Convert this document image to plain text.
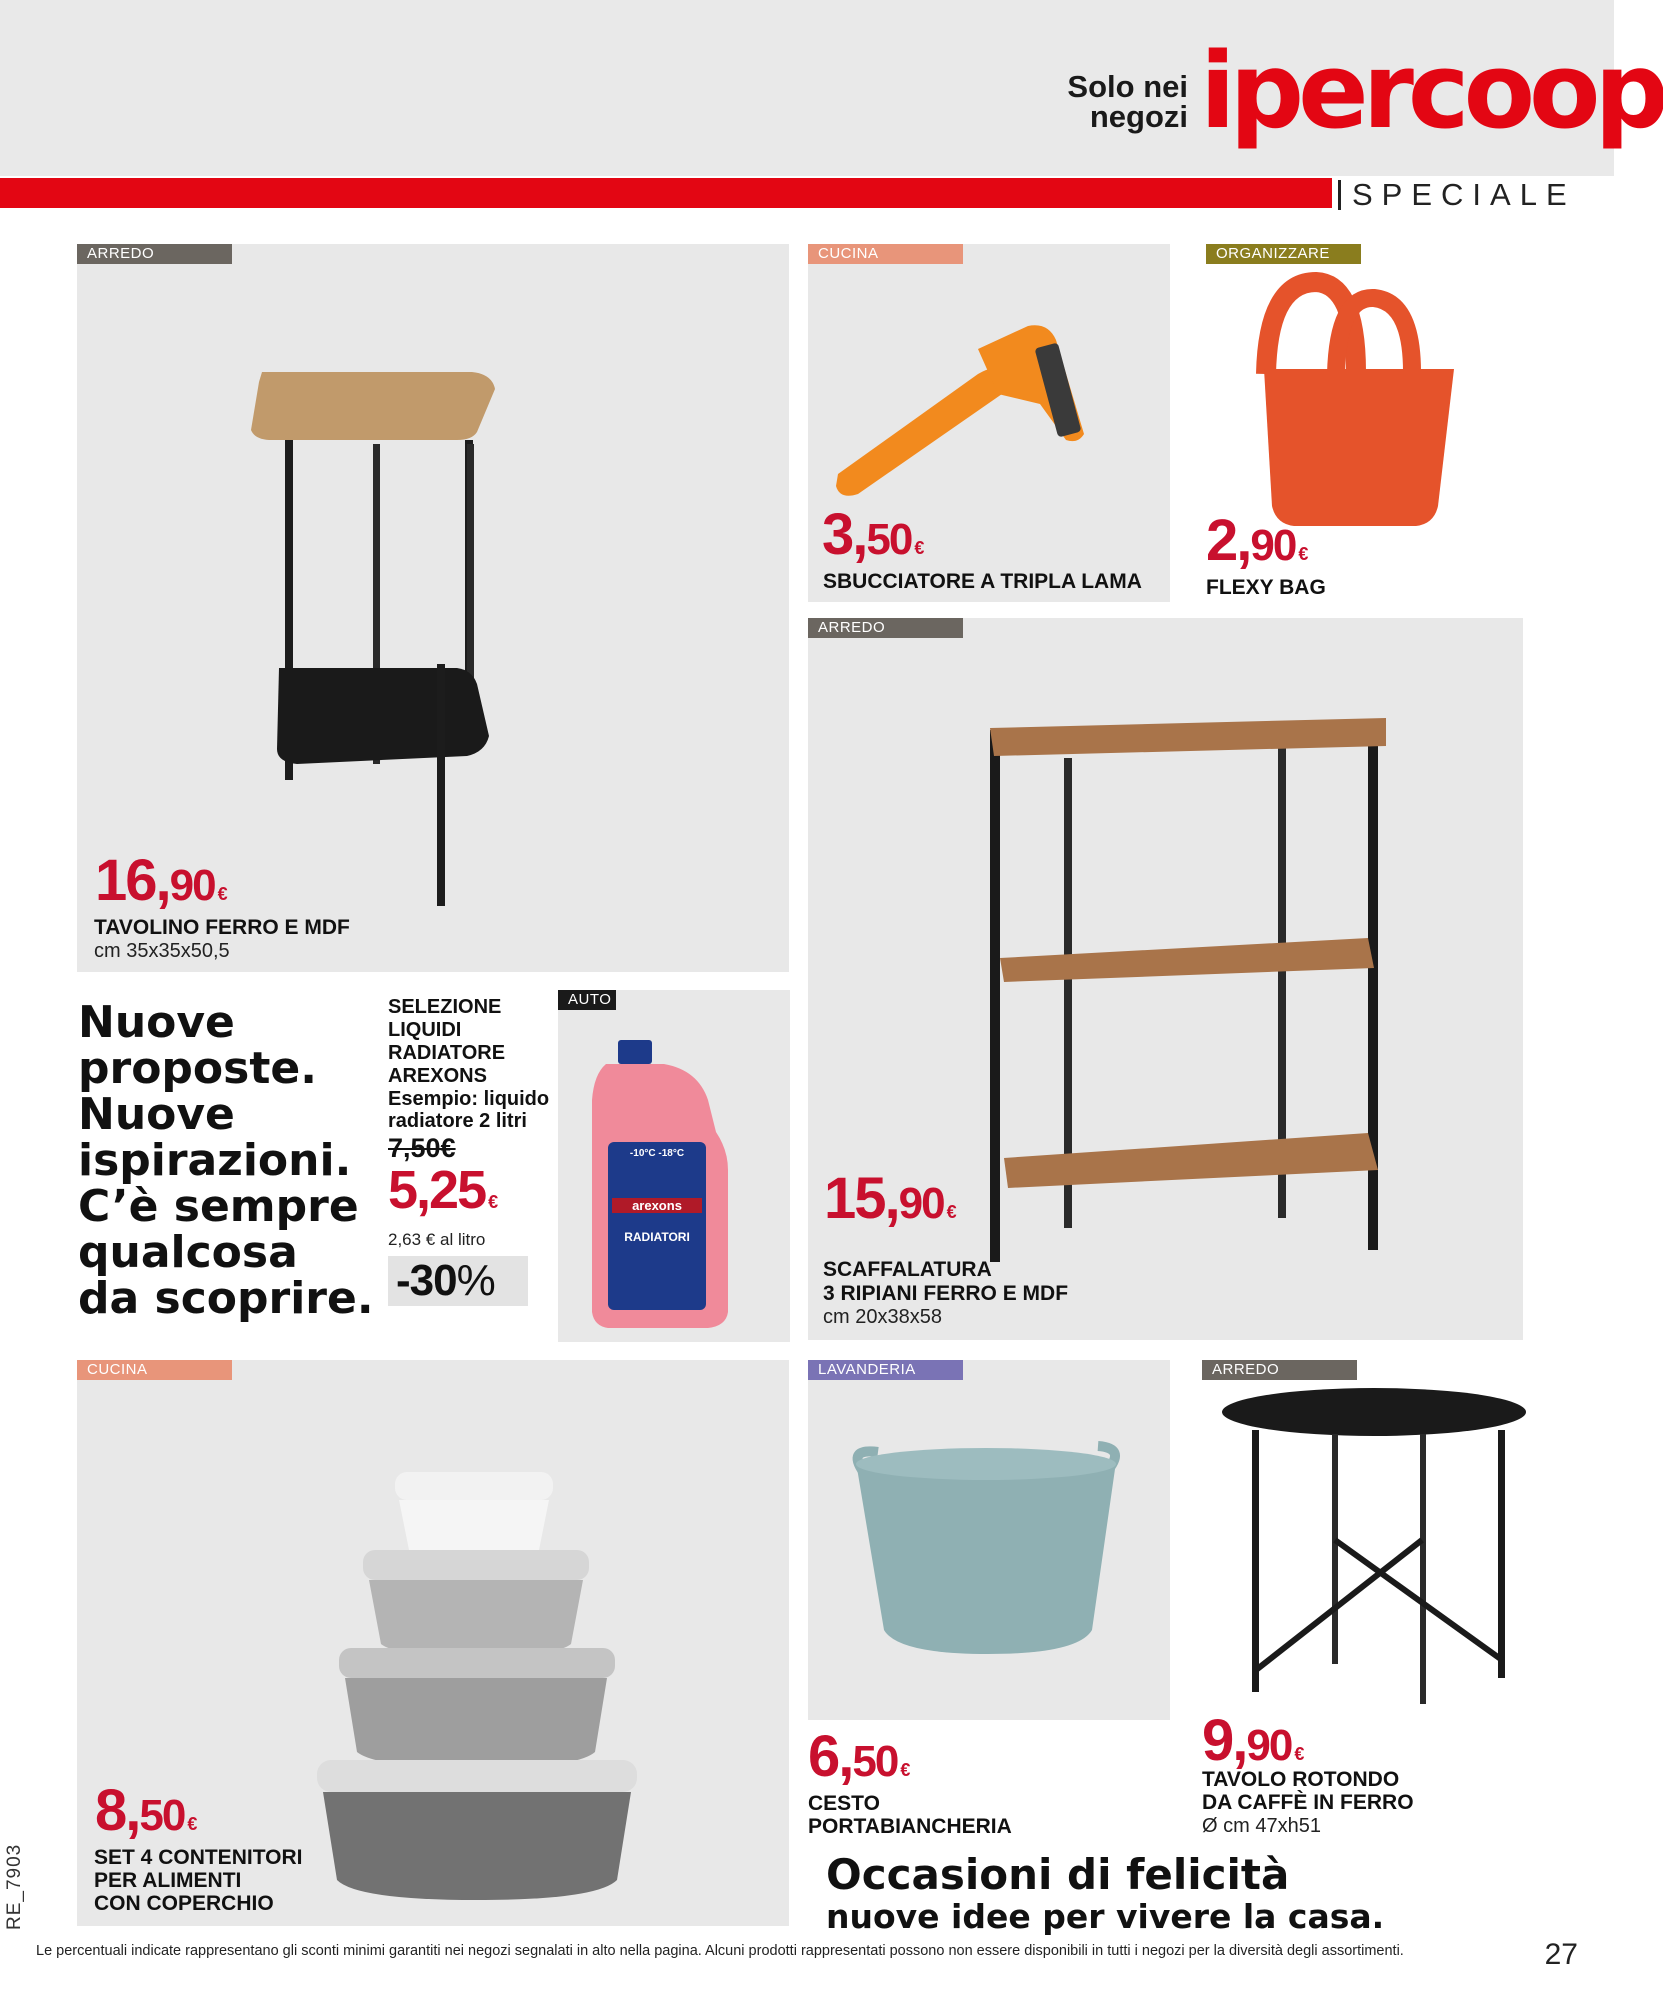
Solo nei
negozi ipercoop
SPECIALE
ARREDO
16,90 €
TAVOLINO FERRO E MDF
cm 35x35x50,5
CUCINA
3,50 €
SBUCCIATORE A TRIPLA LAMA
ORGANIZZARE
2,90 €
FLEXY BAG
ARREDO
15,90 €
SCAFFALATURA
3 RIPIANI FERRO E MDF
cm 20x38x58
Nuove
proposte.
Nuove
ispirazioni.
C’è sempre
qualcosa
da scoprire.
SELEZIONE
LIQUIDI
RADIATORE
AREXONS
Esempio: liquido
radiatore 2 litri
7,50€
5,25 €
2,63 € al litro
-30%
AUTO
-10°C -18°C
arexons
RADIATORI
CUCINA
8,50 €
SET 4 CONTENITORI
PER ALIMENTI
CON COPERCHIO
LAVANDERIA
6,50 €
CESTO
PORTABIANCHERIA
ARREDO
9,90 €
TAVOLO ROTONDO
DA CAFFÈ IN FERRO
Ø cm 47xh51
Occasioni di felicità
nuove idee per vivere la casa.
RE_7903
Le percentuali indicate rappresentano gli sconti minimi garantiti nei negozi segnalati in alto nella pagina. Alcuni prodotti rappresentati possono non essere disponibili in tutti i negozi per la diversità degli assortimenti.	27
